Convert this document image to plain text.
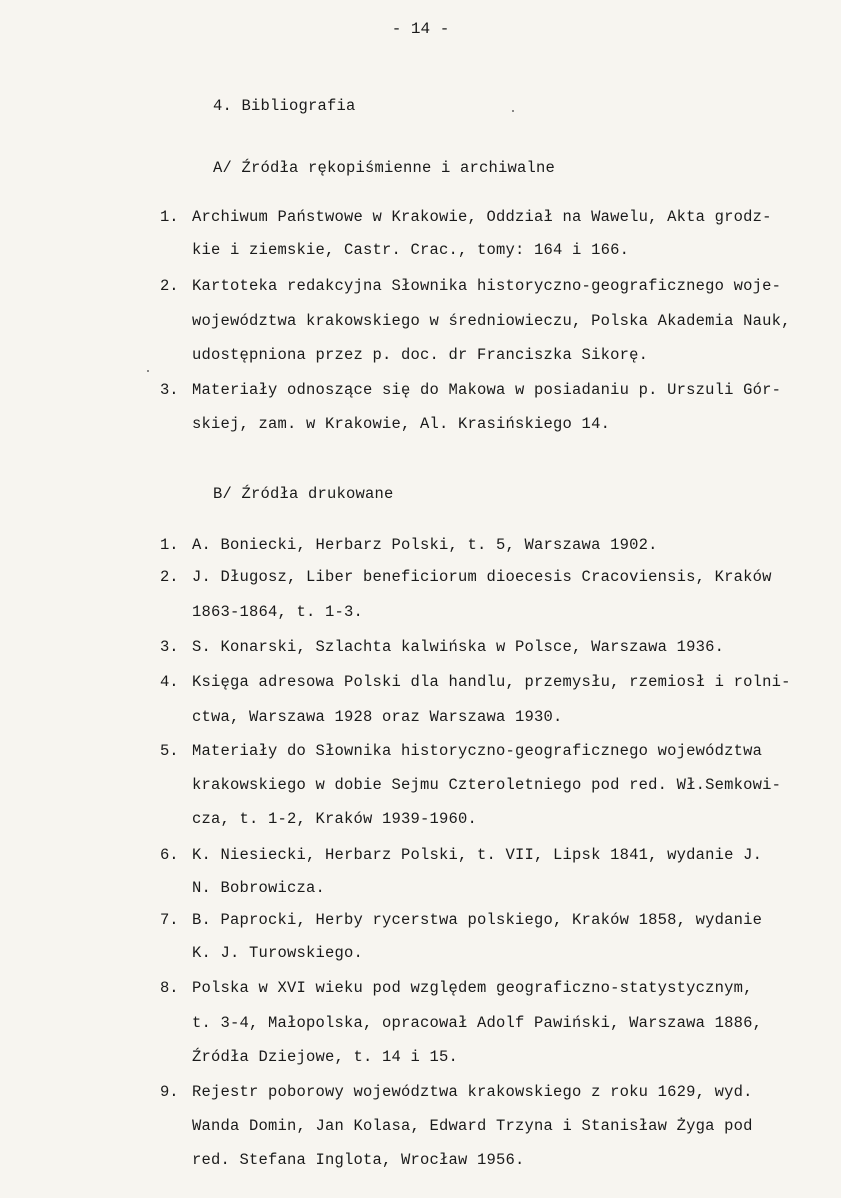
- 14 -
4. Bibliografia
A/ Źródła rękopiśmienne i archiwalne
1. Archiwum Państwowe w Krakowie, Oddział na Wawelu, Akta grodz-
kie i ziemskie, Castr. Crac., tomy: 164 i 166.
2. Kartoteka redakcyjna Słownika historyczno-geograficznego woje-
województwa krakowskiego w średniowieczu, Polska Akademia Nauk,
udostępniona przez p. doc. dr Franciszka Sikorę.
3. Materiały odnoszące się do Makowa w posiadaniu p. Urszuli Gór-
skiej, zam. w Krakowie, Al. Krasińskiego 14.
B/ Źródła drukowane
1. A. Boniecki, Herbarz Polski, t. 5, Warszawa 1902.
2. J. Długosz, Liber beneficiorum dioecesis Cracoviensis, Kraków
1863-1864, t. 1-3.
3. S. Konarski, Szlachta kalwińska w Polsce, Warszawa 1936.
4. Księga adresowa Polski dla handlu, przemysłu, rzemiosł i rolni-
ctwa, Warszawa 1928 oraz Warszawa 1930.
5. Materiały do Słownika historyczno-geograficznego województwa
krakowskiego w dobie Sejmu Czteroletniego pod red. Wł.Semkowi-
cza, t. 1-2, Kraków 1939-1960.
6. K. Niesiecki, Herbarz Polski, t. VII, Lipsk 1841, wydanie J.
N. Bobrowicza.
7. B. Paprocki, Herby rycerstwa polskiego, Kraków 1858, wydanie
K. J. Turowskiego.
8. Polska w XVI wieku pod względem geograficzno-statystycznym,
t. 3-4, Małopolska, opracował Adolf Pawiński, Warszawa 1886,
Źródła Dziejowe, t. 14 i 15.
9. Rejestr poborowy województwa krakowskiego z roku 1629, wyd.
Wanda Domin, Jan Kolasa, Edward Trzyna i Stanisław Żyga pod
red. Stefana Inglota, Wrocław 1956.
